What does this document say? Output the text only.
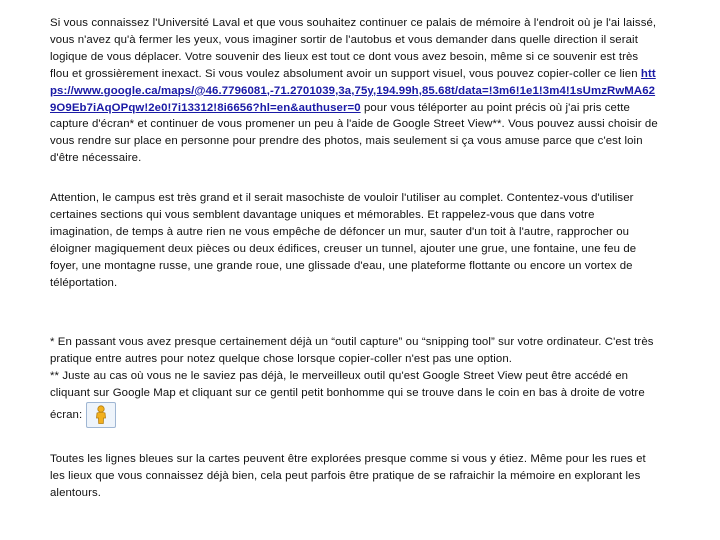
Si vous connaissez l'Université Laval et que vous souhaitez continuer ce palais de mémoire à l'endroit où je l'ai laissé, vous n'avez qu'à fermer les yeux, vous imaginer sortir de l'autobus et vous demander dans quelle direction il serait logique de vous déplacer. Votre souvenir des lieux est tout ce dont vous avez besoin, même si ce souvenir est très flou et grossièrement inexact. Si vous voulez absolument avoir un support visuel, vous pouvez copier-coller ce lien https://www.google.ca/maps/@46.7796081,-71.2701039,3a,75y,194.99h,85.68t/data=!3m6!1e1!3m4!1sUmzRwMA629O9Eb7iAqOPqw!2e0!7i13312!8i6656?hl=en&authuser=0 pour vous téléporter au point précis où j'ai pris cette capture d'écran* et continuer de vous promener un peu à l'aide de Google Street View**. Vous pouvez aussi choisir de vous rendre sur place en personne pour prendre des photos, mais seulement si ça vous amuse parce que c'est loin d'être nécessaire.

Attention, le campus est très grand et il serait masochiste de vouloir l'utiliser au complet. Contentez-vous d'utiliser certaines sections qui vous semblent davantage uniques et mémorables. Et rappelez-vous que dans votre imagination, de temps à autre rien ne vous empêche de défoncer un mur, sauter d'un toit à l'autre, rapprocher ou éloigner magiquement deux pièces ou deux édifices, creuser un tunnel, ajouter une grue, une fontaine, une feu de foyer, une montagne russe, une grande roue, une glissade d'eau, une plateforme flottante ou encore un vortex de téléportation.

* En passant vous avez presque certainement déjà un “outil capture” ou “snipping tool” sur votre ordinateur. C'est très pratique entre autres pour notez quelque chose lorsque copier-coller n'est pas une option.

** Juste au cas où vous ne le saviez pas déjà, le merveilleux outil qu'est Google Street View peut être accédé en cliquant sur Google Map et cliquant sur ce gentil petit bonhomme qui se trouve dans le coin en bas à droite de votre écran:

Toutes les lignes bleues sur la cartes peuvent être explorées presque comme si vous y étiez. Même pour les rues et les lieux que vous connaissez déjà bien, cela peut parfois être pratique de se rafraichir la mémoire en explorant les alentours.
